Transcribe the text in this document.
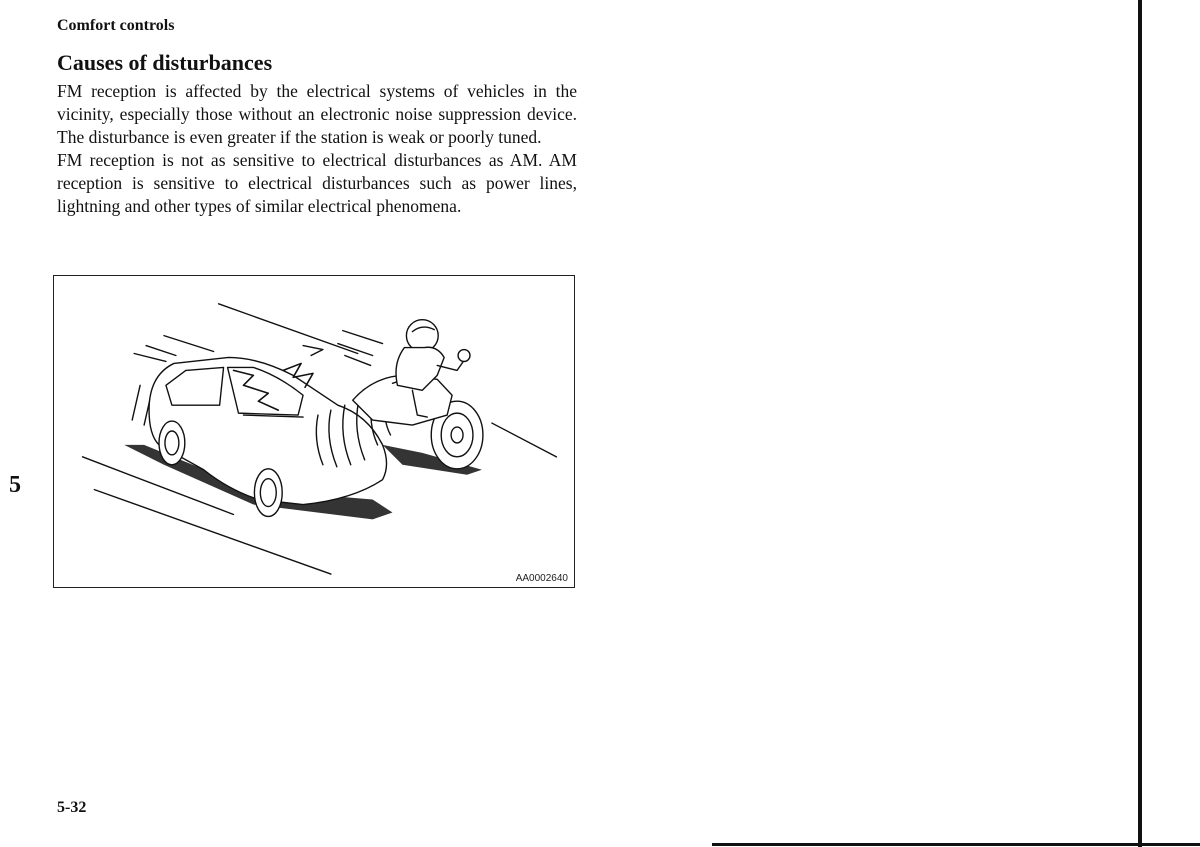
Comfort controls
Causes of disturbances

FM reception is affected by the electrical systems of vehicles in the vicinity, especially those without an electronic noise suppression device. The disturbance is even greater if the station is weak or poorly tuned.

FM reception is not as sensitive to electrical disturbances as AM. AM reception is sensitive to electrical disturbances such as power lines, lightning and other types of similar electrical phenomena.

AA0002640
5
5-32
